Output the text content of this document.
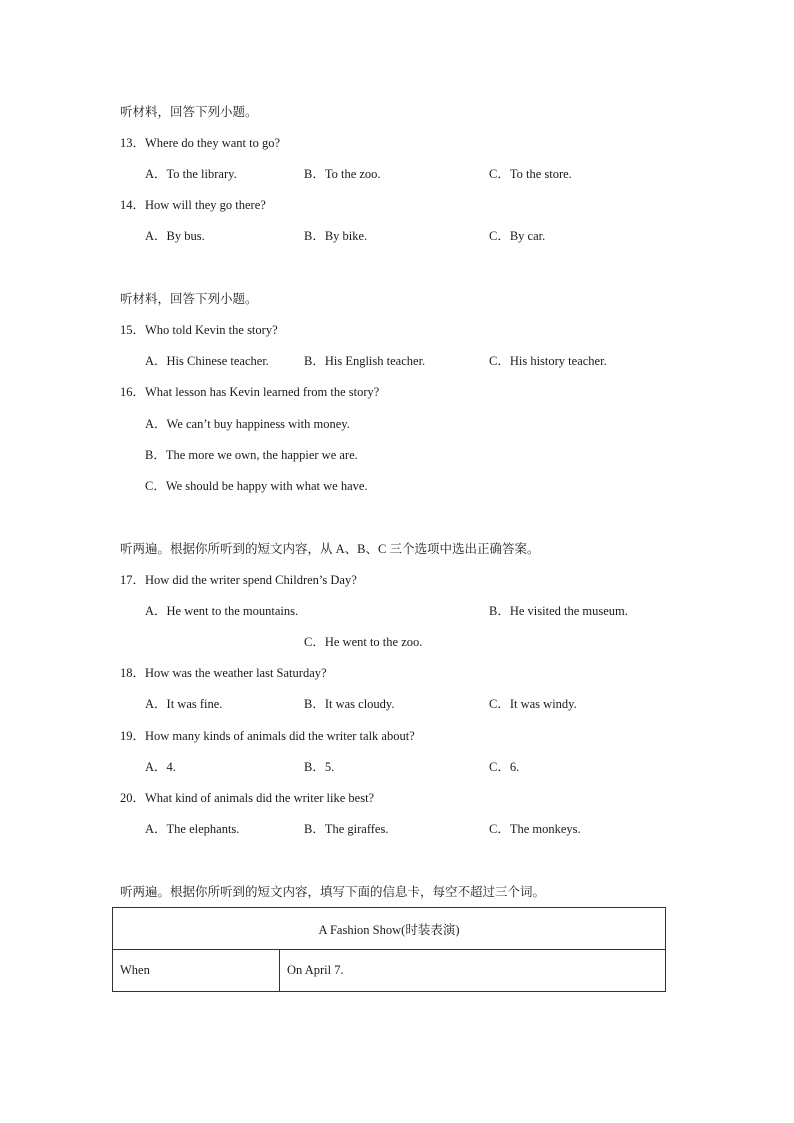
听材料，回答下列小题。
13．Where do they want to go?
A．To the library.	B．To the zoo.	C．To the store.
14．How will they go there?
A．By bus.	B．By bike.	C．By car.
听材料，回答下列小题。
15．Who told Kevin the story?
A．His Chinese teacher.	B．His English teacher.	C．His history teacher.
16．What lesson has Kevin learned from the story?
A．We can’t buy happiness with money.
B．The more we own, the happier we are.
C．We should be happy with what we have.
听两遍。根据你所听到的短文内容，从 A、B、C 三个选项中选出正确答案。
17．How did the writer spend Children’s Day?
A．He went to the mountains.	B．He visited the museum.
C．He went to the zoo.
18．How was the weather last Saturday?
A．It was fine.	B．It was cloudy.	C．It was windy.
19．How many kinds of animals did the writer talk about?
A．4.	B．5.	C．6.
20．What kind of animals did the writer like best?
A．The elephants.	B．The giraffes.	C．The monkeys.
听两遍。根据你所听到的短文内容，填写下面的信息卡，每空不超过三个词。
A Fashion Show(时装表演)
When	On April 7.
